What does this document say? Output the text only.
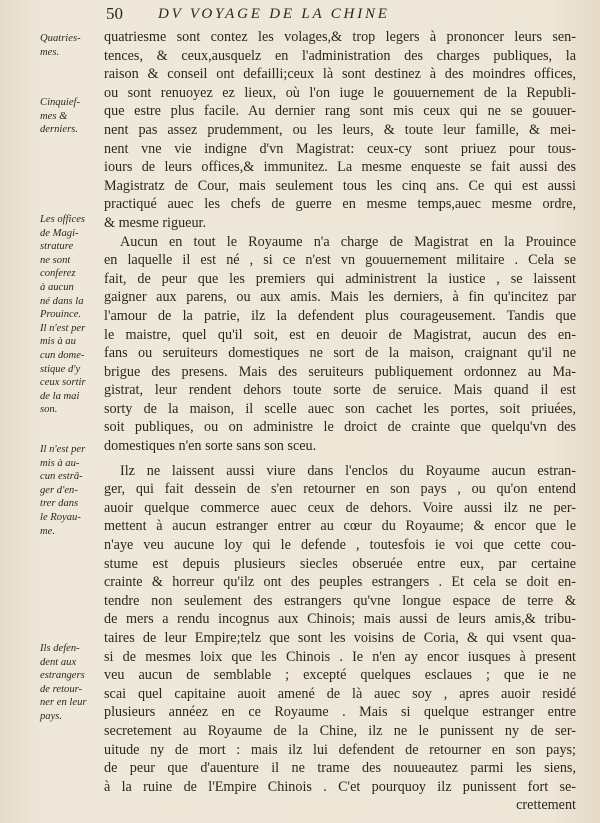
50 DV VOYAGE DE LA CHINE
Quatries-
mes.
Cinquief-
mes &
derniers.
Les offices
de Magi-
strature
ne sont
conferez
à aucun
né dans la
Prouince.
Il n'est per
mis à au
cun dome-
stique d'y
ceux sortir
de la mai
son.
Il n'est per
mis à au-
cun estrā-
ger d'en-
trer dans
le Royau-
me.
Ils defen-
dent aux
estrangers
de retour-
ner en leur
pays.
quatriesme sont contez les volages,& trop legers à prononcer leurs sen-
tences, & ceux,ausquelz en l'administration des charges publiques, la
raison & conseil ont defailli;ceux là sont destinez à des moindres offices,
ou sont renuoyez ez lieux, où l'on iuge le gouuernement de la Republi-
que estre plus facile. Au dernier rang sont mis ceux qui ne se gouuer-
nent pas assez prudemment, ou les leurs, & toute leur famille, & mei-
nent vne vie indigne d'vn Magistrat: ceux-cy sont priuez pour tous-
iours de leurs offices,& immunitez. La mesme enqueste se fait aussi des
Magistratz de Cour, mais seulement tous les cinq ans. Ce qui est aussi
practiqué auec les chefs de guerre en mesme temps,auec mesme ordre,
& mesme rigueur.
Aucun en tout le Royaume n'a charge de Magistrat en la Prouince
en laquelle il est né , si ce n'est vn gouuernement militaire . Cela se
fait, de peur que les premiers qui administrent la iustice , se laissent
gaigner aux parens, ou aux amis. Mais les derniers, à fin qu'incitez par
l'amour de la patrie, ilz la defendent plus courageusement. Tandis que
le maistre, quel qu'il soit, est en deuoir de Magistrat, aucun des en-
fans ou seruiteurs domestiques ne sort de la maison, craignant qu'il ne
brigue des presens. Mais des seruiteurs publiquement ordonnez au Ma-
gistrat, leur rendent dehors toute sorte de seruice. Mais quand il est
sorty de la maison, il scelle auec son cachet les portes, soit priuées,
soit publiques, ou on administre le droict de crainte que quelqu'vn des
domestiques n'en sorte sans son sceu.
Ilz ne laissent aussi viure dans l'enclos du Royaume aucun estran-
ger, qui fait dessein de s'en retourner en son pays , ou qu'on entend
auoir quelque commerce auec ceux de dehors. Voire aussi ilz ne per-
mettent à aucun estranger entrer au cœur du Royaume; & encor que le
n'aye veu aucune loy qui le defende , toutesfois ie voi que cette cou-
stume est depuis plusieurs siecles obseruée entre eux, par certaine
crainte & horreur qu'ilz ont des peuples estrangers . Et cela se doit en-
tendre non seulement des estrangers qu'vne longue espace de terre &
de mers a rendu incognus aux Chinois; mais aussi de leurs amis,& tribu-
taires de leur Empire;telz que sont les voisins de Coria, & qui vsent qua-
si de mesmes loix que les Chinois . Ie n'en ay encor iusques à present
veu aucun de semblable ; excepté quelques esclaues ; que ie ne
scai quel capitaine auoit amené de là auec soy , apres auoir residé
plusieurs annéez en ce Royaume . Mais si quelque estranger entre
secretement au Royaume de la Chine, ilz ne le punissent ny de ser-
uitude ny de mort : mais ilz lui defendent de retourner en son pays;
de peur que d'auenture il ne trame des nouueautez parmi les siens,
à la ruine de l'Empire Chinois . C'et pourquoy ilz punissent fort se-
crettement
